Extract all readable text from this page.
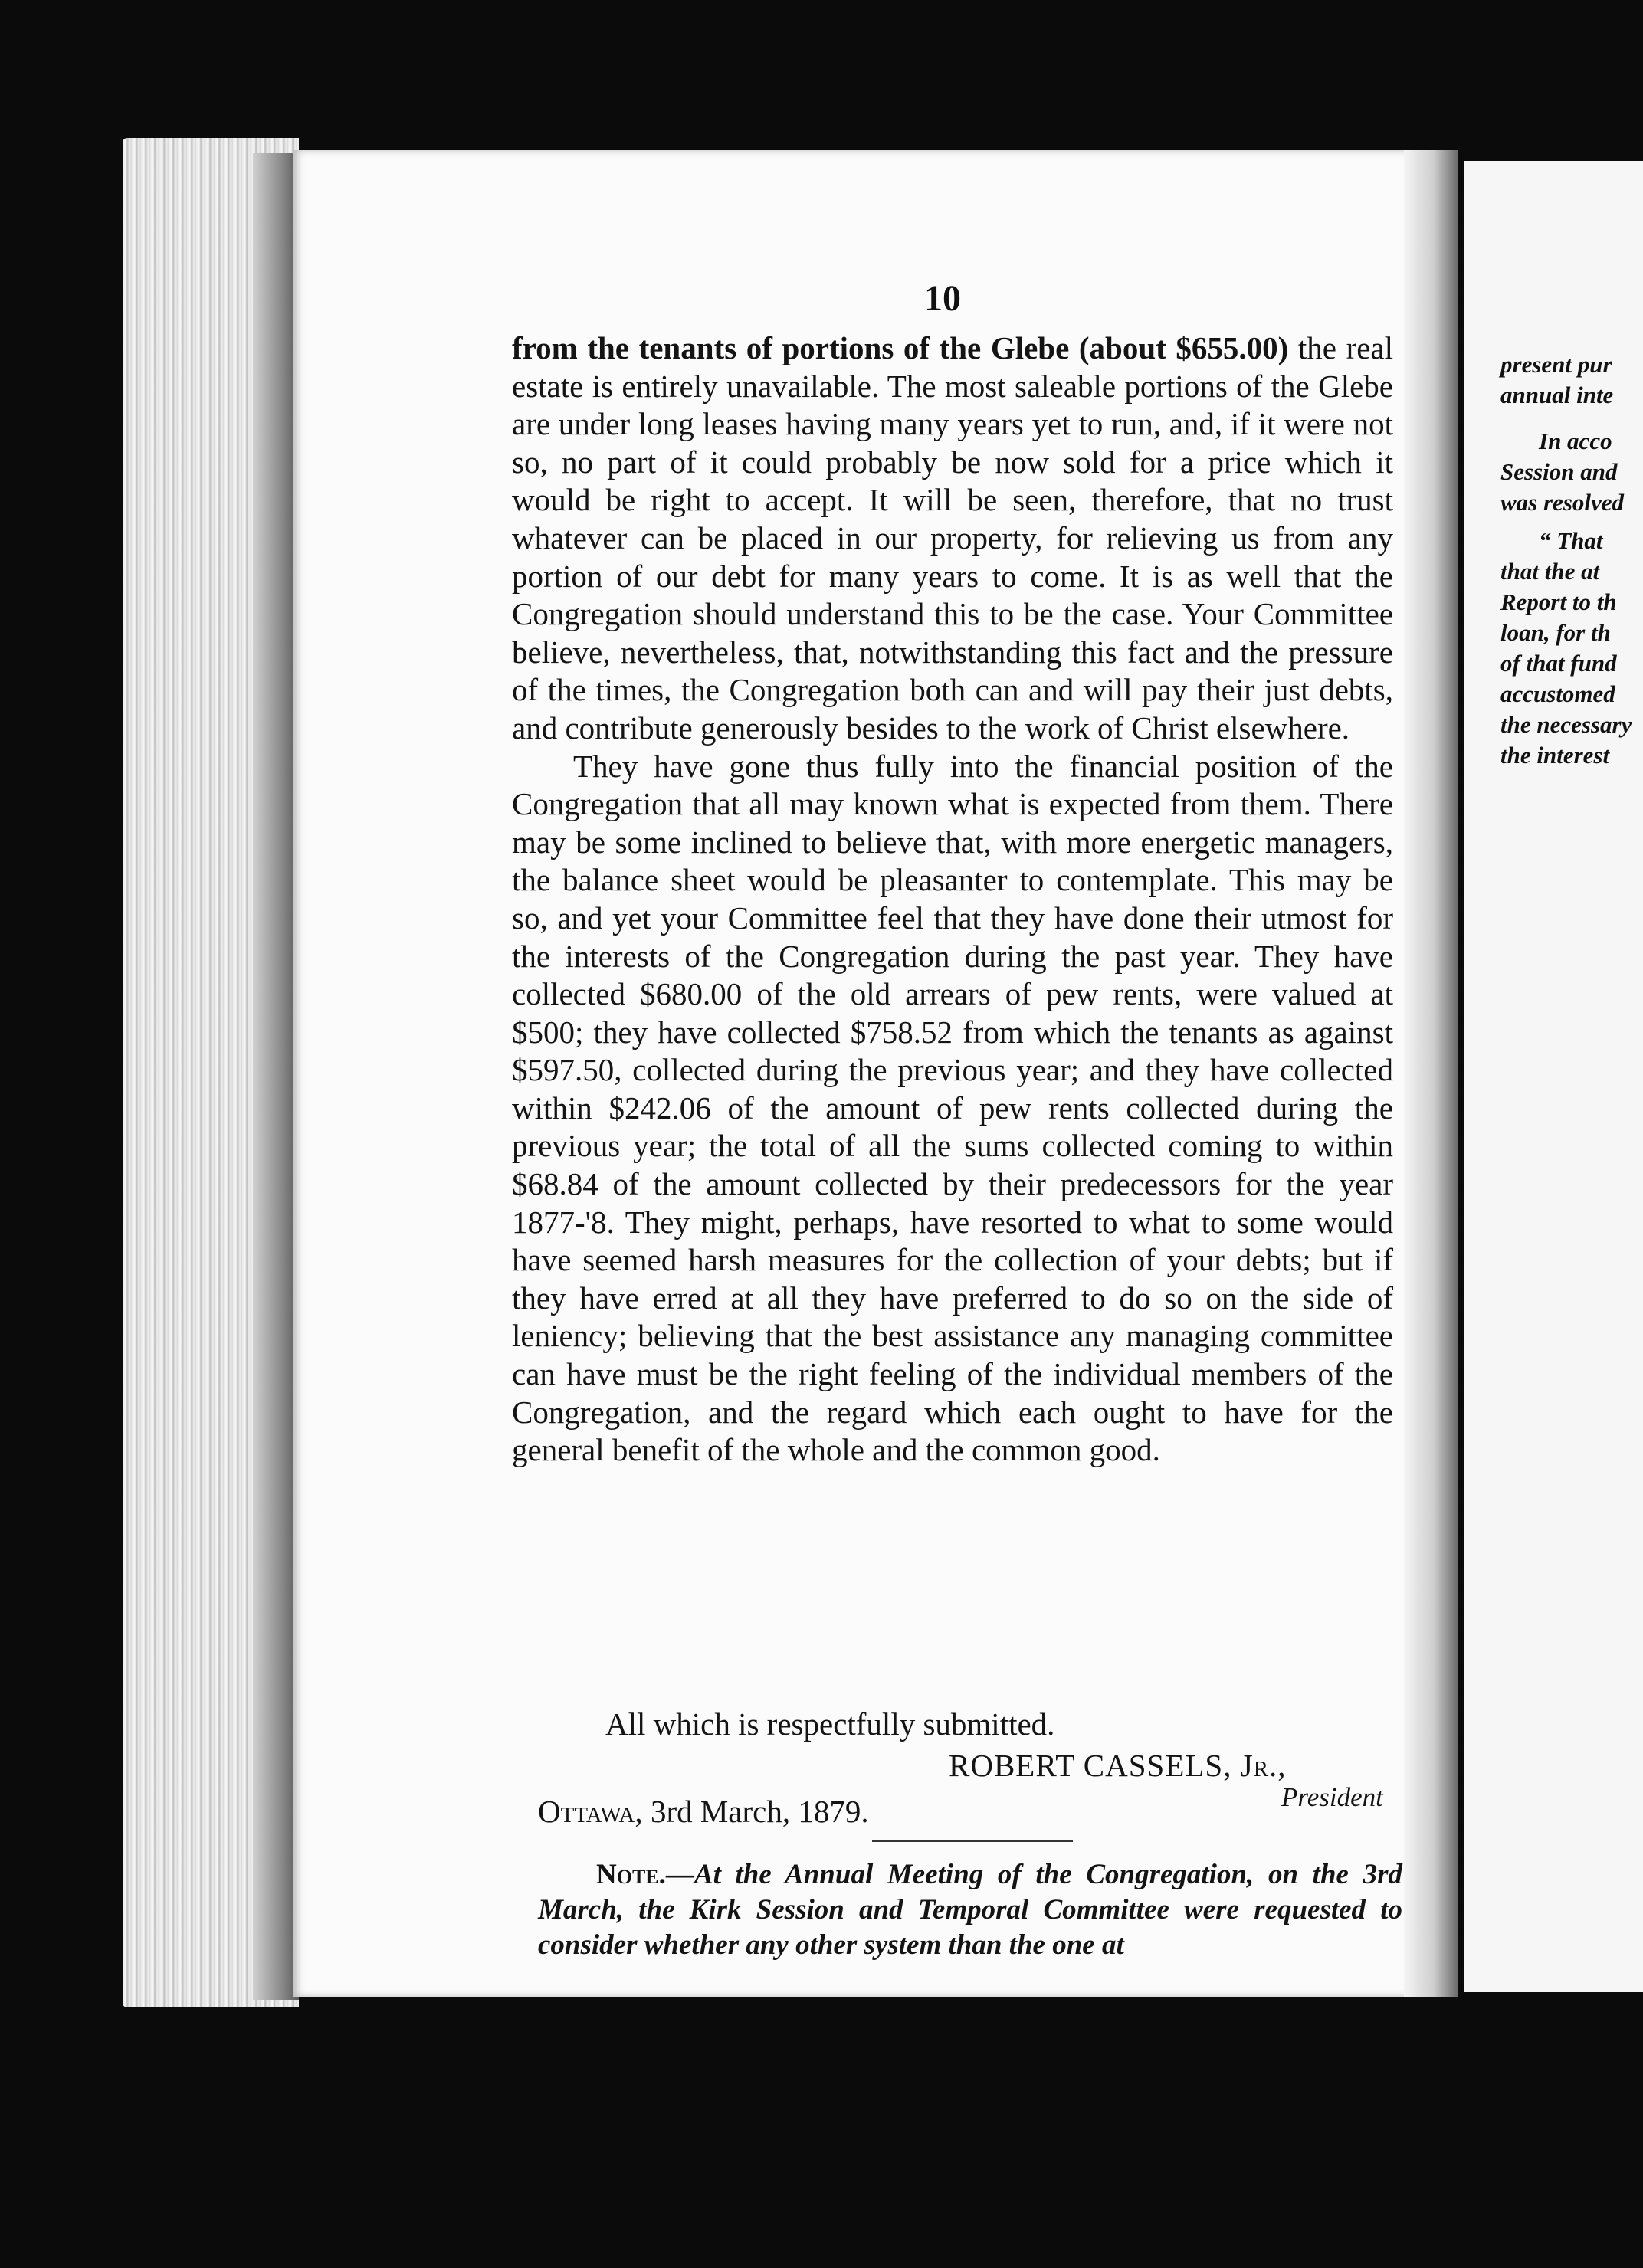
present pur
annual inte
In acco
Session and
was resolved
“ That
that the at
Report to th
loan, for th
of that fund
accustomed
the necessary
the interest
10

from the tenants of portions of the Glebe (about $655.00) the real estate is entirely unavailable. The most saleable portions of the Glebe are under long leases having many years yet to run, and, if it were not so, no part of it could probably be now sold for a price which it would be right to accept. It will be seen, therefore, that no trust whatever can be placed in our property, for relieving us from any portion of our debt for many years to come. It is as well that the Congregation should understand this to be the case. Your Committee believe, nevertheless, that, notwithstanding this fact and the pressure of the times, the Congregation both can and will pay their just debts, and contribute generously besides to the work of Christ elsewhere.

They have gone thus fully into the financial position of the Congregation that all may known what is expected from them. There may be some inclined to believe that, with more energetic managers, the balance sheet would be pleasanter to contemplate. This may be so, and yet your Committee feel that they have done their utmost for the interests of the Congregation during the past year. They have collected $680.00 of the old arrears of pew rents, were valued at $500; they have collected $758.52 from which the tenants as against $597.50, collected during the previous year; and they have collected within $242.06 of the amount of pew rents collected during the previous year; the total of all the sums collected coming to within $68.84 of the amount collected by their predecessors for the year 1877-'8. They might, perhaps, have resorted to what to some would have seemed harsh measures for the collection of your debts; but if they have erred at all they have preferred to do so on the side of leniency; believing that the best assistance any managing committee can have must be the right feeling of the individual members of the Congregation, and the regard which each ought to have for the general benefit of the whole and the common good.

All which is respectfully submitted.
ROBERT CASSELS, Jr.,
Ottawa, 3rd March, 1879.	President
Note.—At the Annual Meeting of the Congregation, on the 3rd March, the Kirk Session and Temporal Committee were requested to consider whether any other system than the one at
